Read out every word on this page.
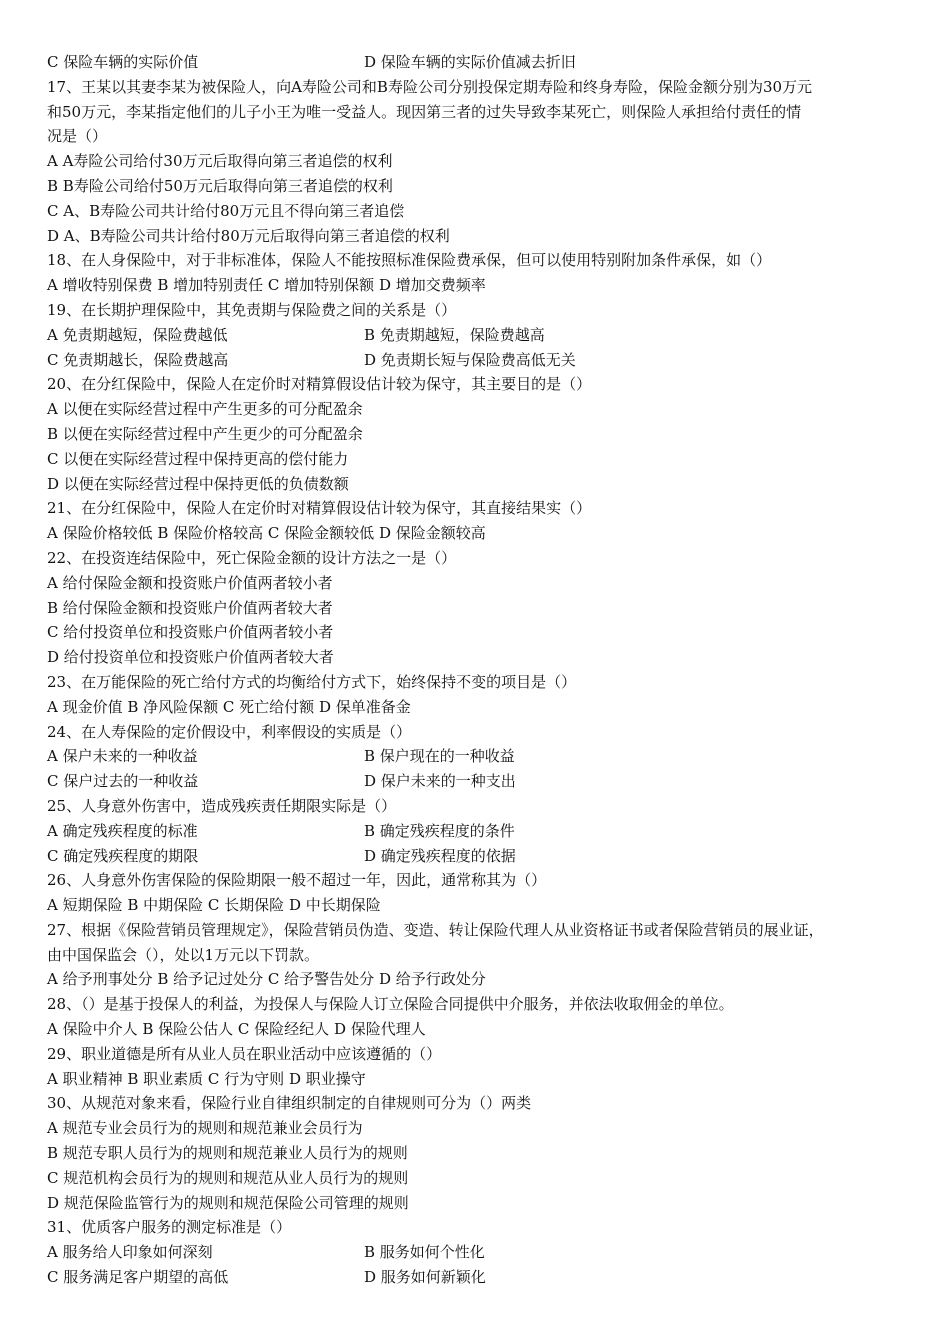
C 保险车辆的实际价值	D 保险车辆的实际价值减去折旧
17、王某以其妻李某为被保险人，向A寿险公司和B寿险公司分别投保定期寿险和终身寿险，保险金额分别为30万元
和50万元，李某指定他们的儿子小王为唯一受益人。现因第三者的过失导致李某死亡，则保险人承担给付责任的情
况是（）
A A寿险公司给付30万元后取得向第三者追偿的权利
B B寿险公司给付50万元后取得向第三者追偿的权利
C A、B寿险公司共计给付80万元且不得向第三者追偿
D A、B寿险公司共计给付80万元后取得向第三者追偿的权利
18、在人身保险中，对于非标准体，保险人不能按照标准保险费承保，但可以使用特别附加条件承保，如（）
A 增收特别保费 B 增加特别责任 C 增加特别保额 D 增加交费频率
19、在长期护理保险中，其免责期与保险费之间的关系是（）
A 免责期越短，保险费越低	B 免责期越短，保险费越高
C 免责期越长，保险费越高	D 免责期长短与保险费高低无关
20、在分红保险中，保险人在定价时对精算假设估计较为保守，其主要目的是（）
A 以便在实际经营过程中产生更多的可分配盈余
B 以便在实际经营过程中产生更少的可分配盈余
C 以便在实际经营过程中保持更高的偿付能力
D 以便在实际经营过程中保持更低的负债数额
21、在分红保险中，保险人在定价时对精算假设估计较为保守，其直接结果实（）
A 保险价格较低 B 保险价格较高 C 保险金额较低 D 保险金额较高
22、在投资连结保险中，死亡保险金额的设计方法之一是（）
A 给付保险金额和投资账户价值两者较小者
B 给付保险金额和投资账户价值两者较大者
C 给付投资单位和投资账户价值两者较小者
D 给付投资单位和投资账户价值两者较大者
23、在万能保险的死亡给付方式的均衡给付方式下，始终保持不变的项目是（）
A 现金价值 B 净风险保额 C 死亡给付额 D 保单准备金
24、在人寿保险的定价假设中，利率假设的实质是（）
A 保户未来的一种收益	B 保户现在的一种收益
C 保户过去的一种收益	D 保户未来的一种支出
25、人身意外伤害中，造成残疾责任期限实际是（）
A 确定残疾程度的标准	B 确定残疾程度的条件
C 确定残疾程度的期限	D 确定残疾程度的依据
26、人身意外伤害保险的保险期限一般不超过一年，因此，通常称其为（）
A 短期保险 B 中期保险 C 长期保险 D 中长期保险
27、根据《保险营销员管理规定》，保险营销员伪造、变造、转让保险代理人从业资格证书或者保险营销员的展业证，
由中国保监会（），处以1万元以下罚款。
A 给予刑事处分 B 给予记过处分 C 给予警告处分 D 给予行政处分
28、（）是基于投保人的利益，为投保人与保险人订立保险合同提供中介服务，并依法收取佣金的单位。
A 保险中介人 B 保险公估人 C 保险经纪人 D 保险代理人
29、职业道德是所有从业人员在职业活动中应该遵循的（）
A 职业精神 B 职业素质 C 行为守则 D 职业操守
30、从规范对象来看，保险行业自律组织制定的自律规则可分为（）两类
A 规范专业会员行为的规则和规范兼业会员行为
B 规范专职人员行为的规则和规范兼业人员行为的规则
C 规范机构会员行为的规则和规范从业人员行为的规则
D 规范保险监管行为的规则和规范保险公司管理的规则
31、优质客户服务的测定标准是（）
A 服务给人印象如何深刻	B 服务如何个性化
C 服务满足客户期望的高低	D 服务如何新颖化
